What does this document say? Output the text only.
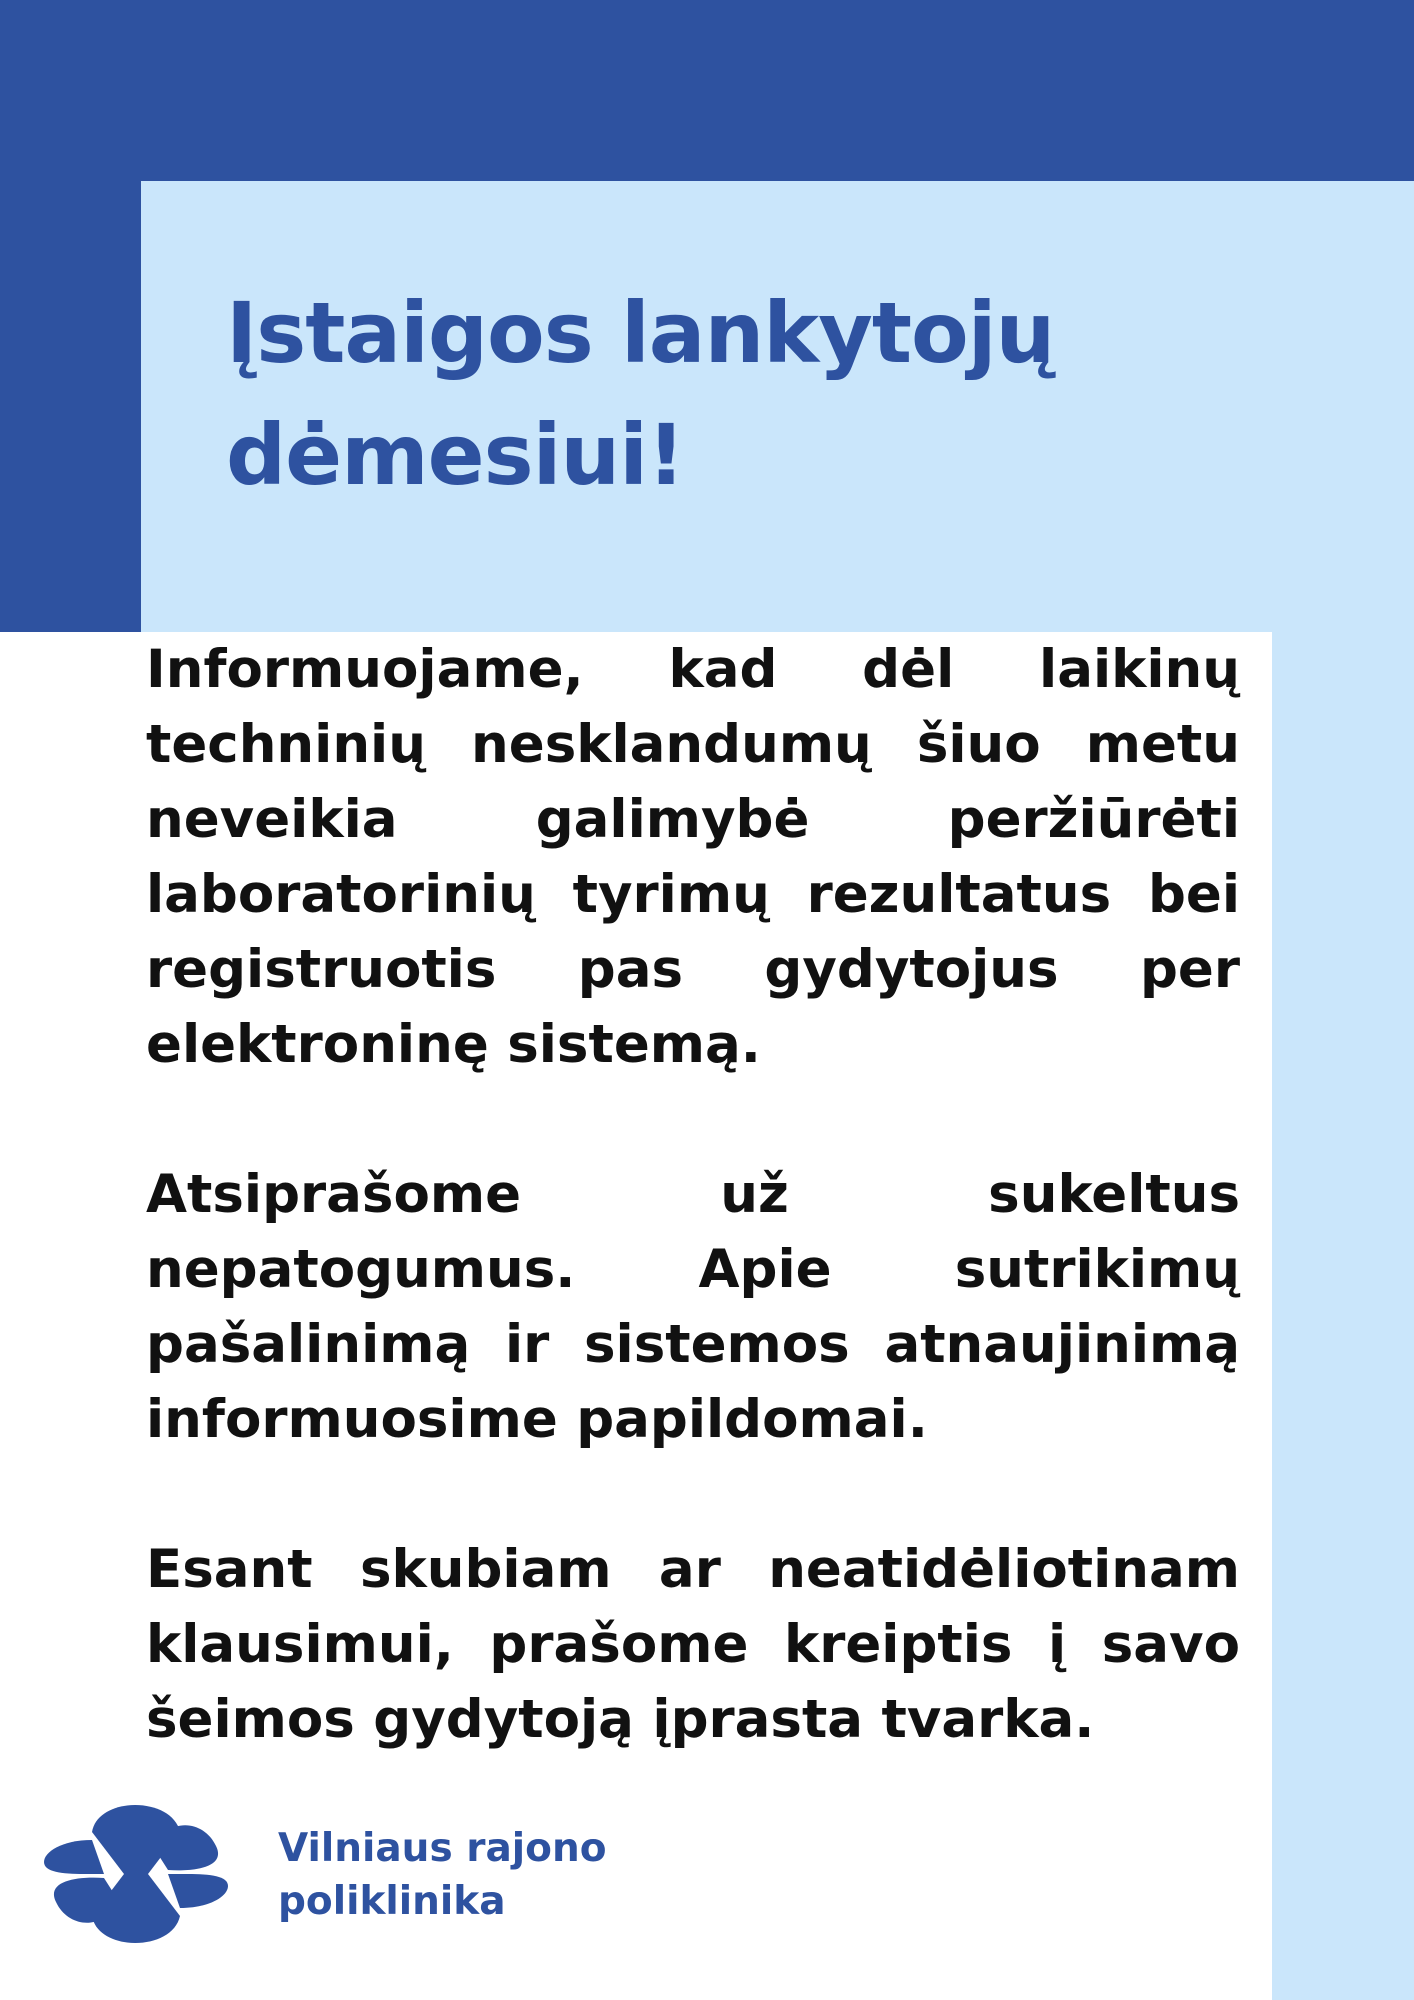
Įstaigos lankytojų
dėmesiui!

Informuojame, kad dėl laikinų techninių nesklandumų šiuo metu neveikia galimybė peržiūrėti laboratorinių tyrimų rezultatus bei registruotis pas gydytojus per elektroninę sistemą.

Atsiprašome už sukeltus nepatogumus. Apie sutrikimų pašalinimą ir sistemos atnaujinimą informuosime papildomai.

Esant skubiam ar neatidėliotinam klausimui, prašome kreiptis į savo šeimos gydytoją įprasta tvarka.

Vilniaus rajono
poliklinika
